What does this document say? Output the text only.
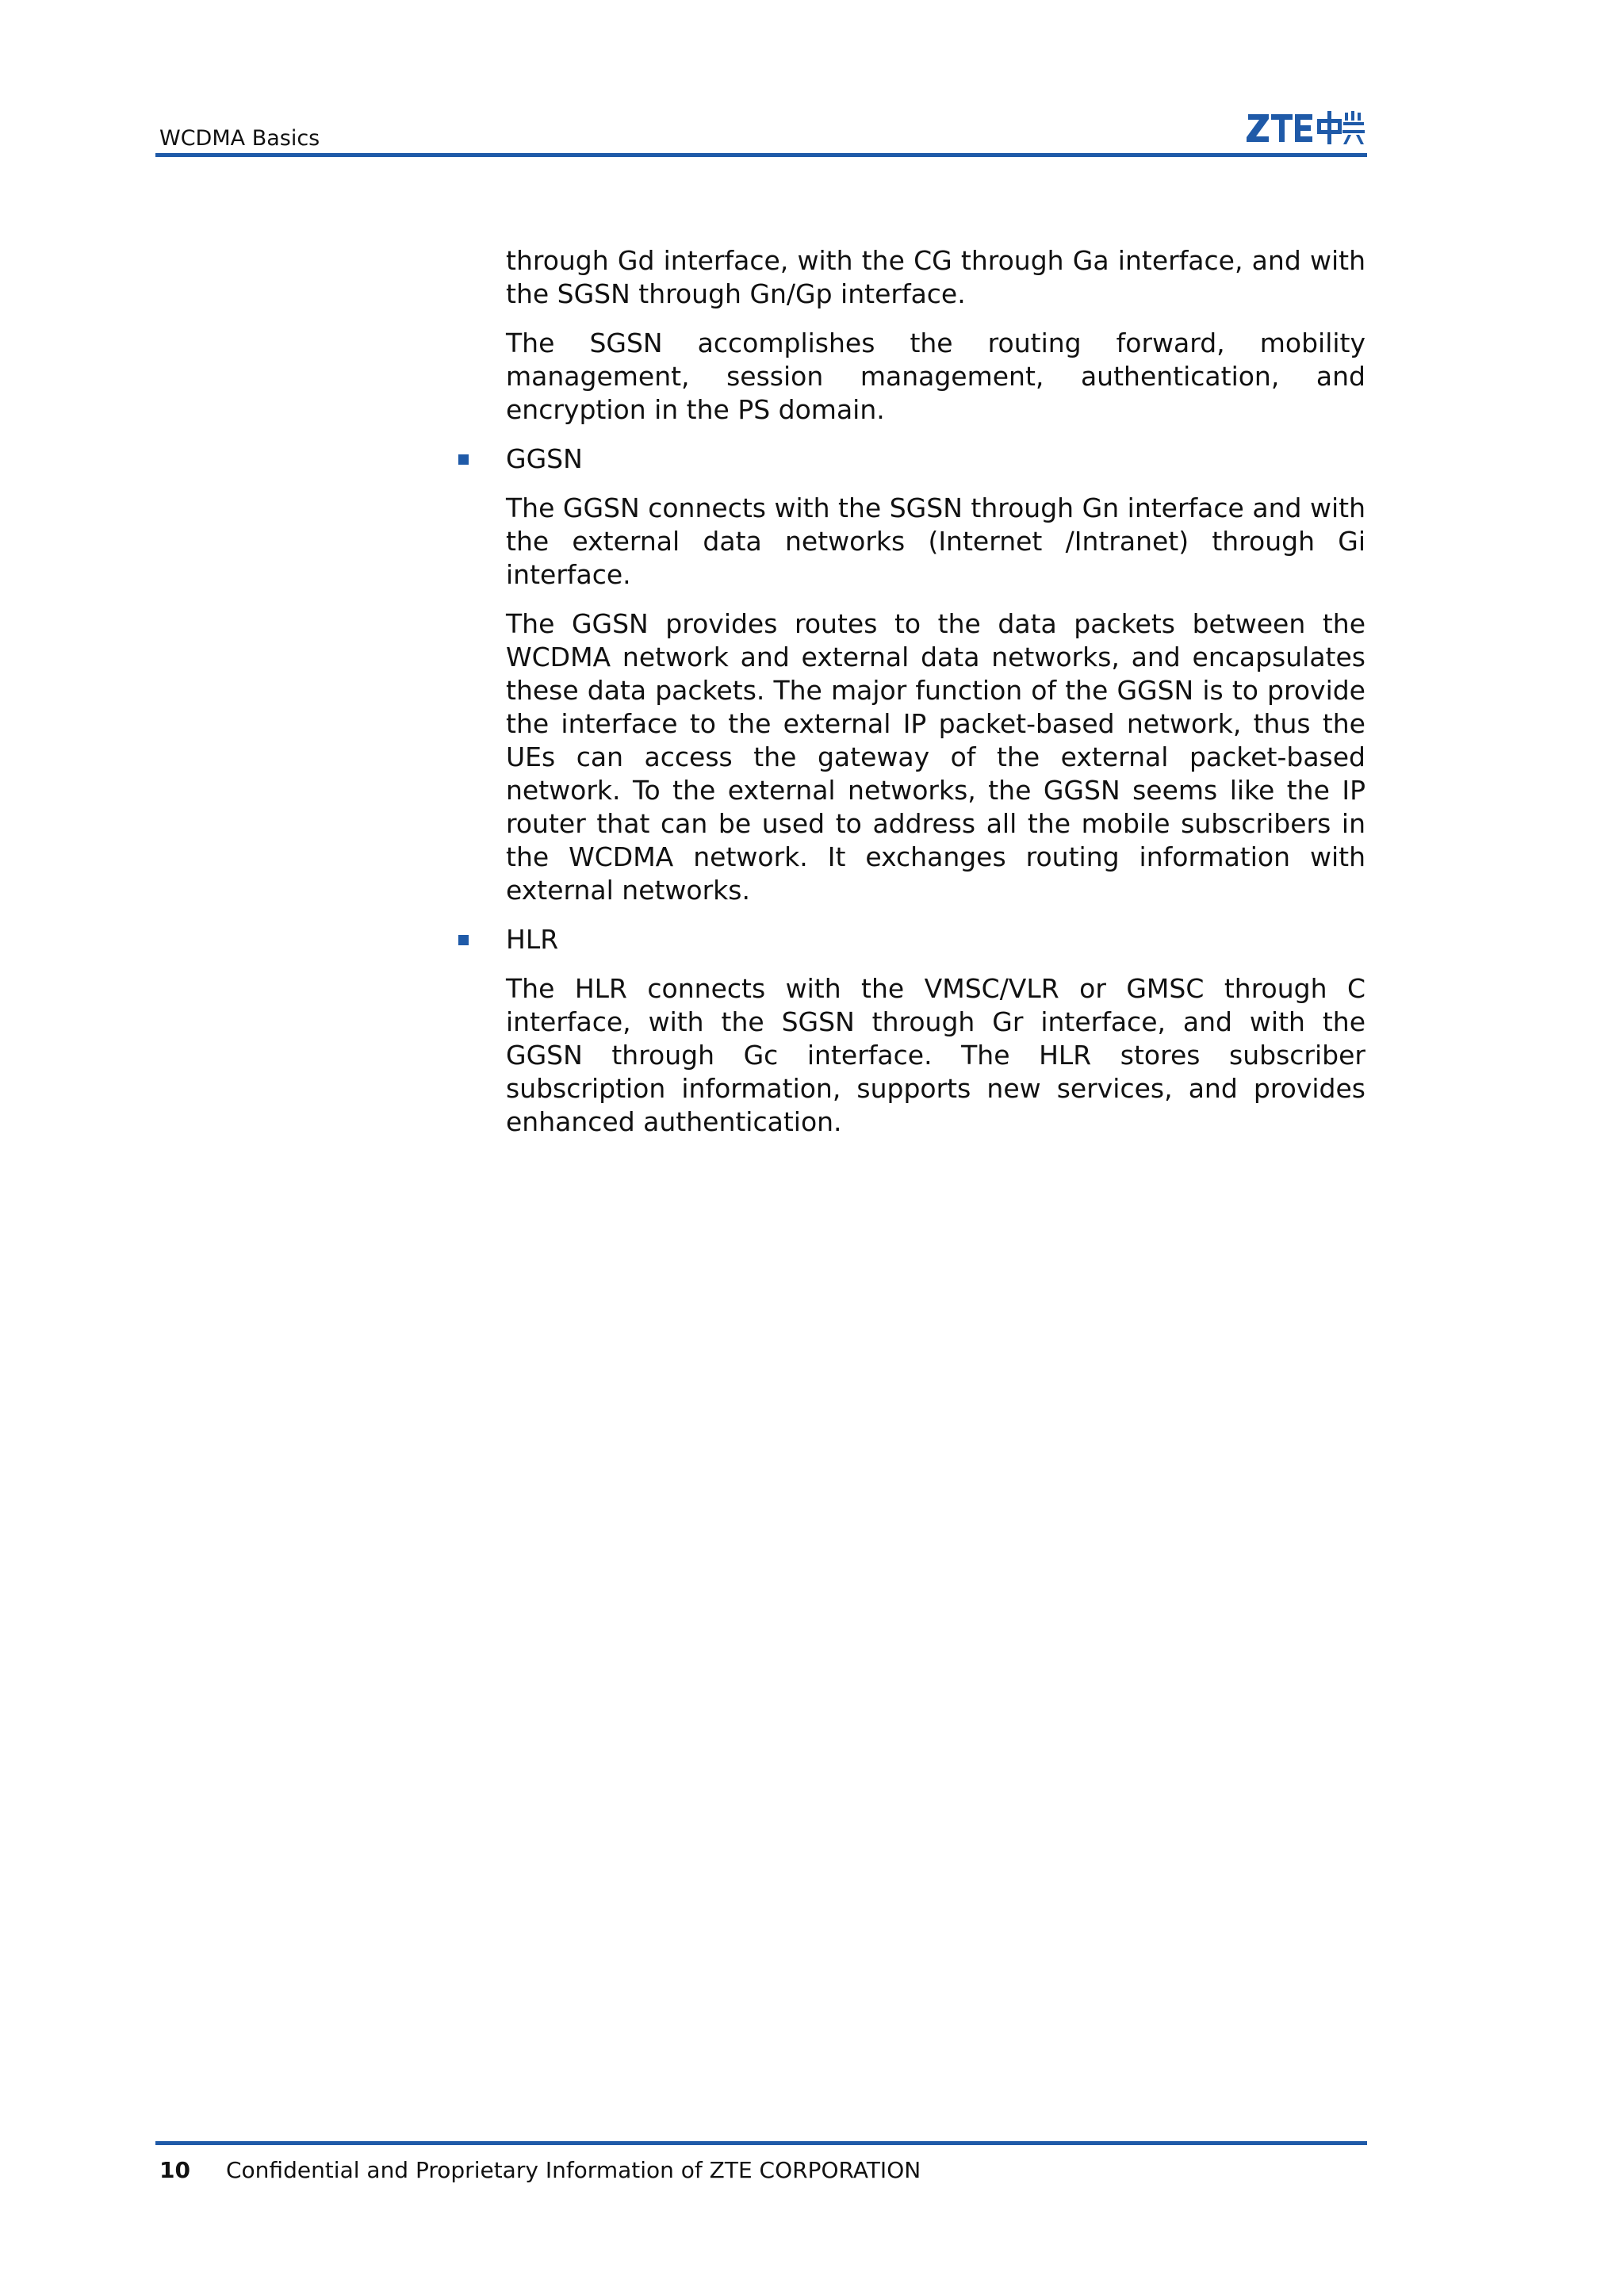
WCDMA Basics

through Gd interface, with the CG through Ga interface, and with the SGSN through Gn/Gp interface.

The SGSN accomplishes the routing forward, mobility management, session management, authentication, and encryption in the PS domain.

GGSN

The GGSN connects with the SGSN through Gn interface and with the external data networks (Internet /Intranet) through Gi interface.

The GGSN provides routes to the data packets between the WCDMA network and external data networks, and encapsulates these data packets. The major function of the GGSN is to provide the interface to the external IP packet-based network, thus the UEs can access the gateway of the external packet-based network. To the external networks, the GGSN seems like the IP router that can be used to address all the mobile subscribers in the WCDMA network. It exchanges routing information with external networks.

HLR

The HLR connects with the VMSC/VLR or GMSC through C interface, with the SGSN through Gr interface, and with the GGSN through Gc interface. The HLR stores subscriber subscription information, supports new services, and provides enhanced authentication.

10 Confidential and Proprietary Information of ZTE CORPORATION
